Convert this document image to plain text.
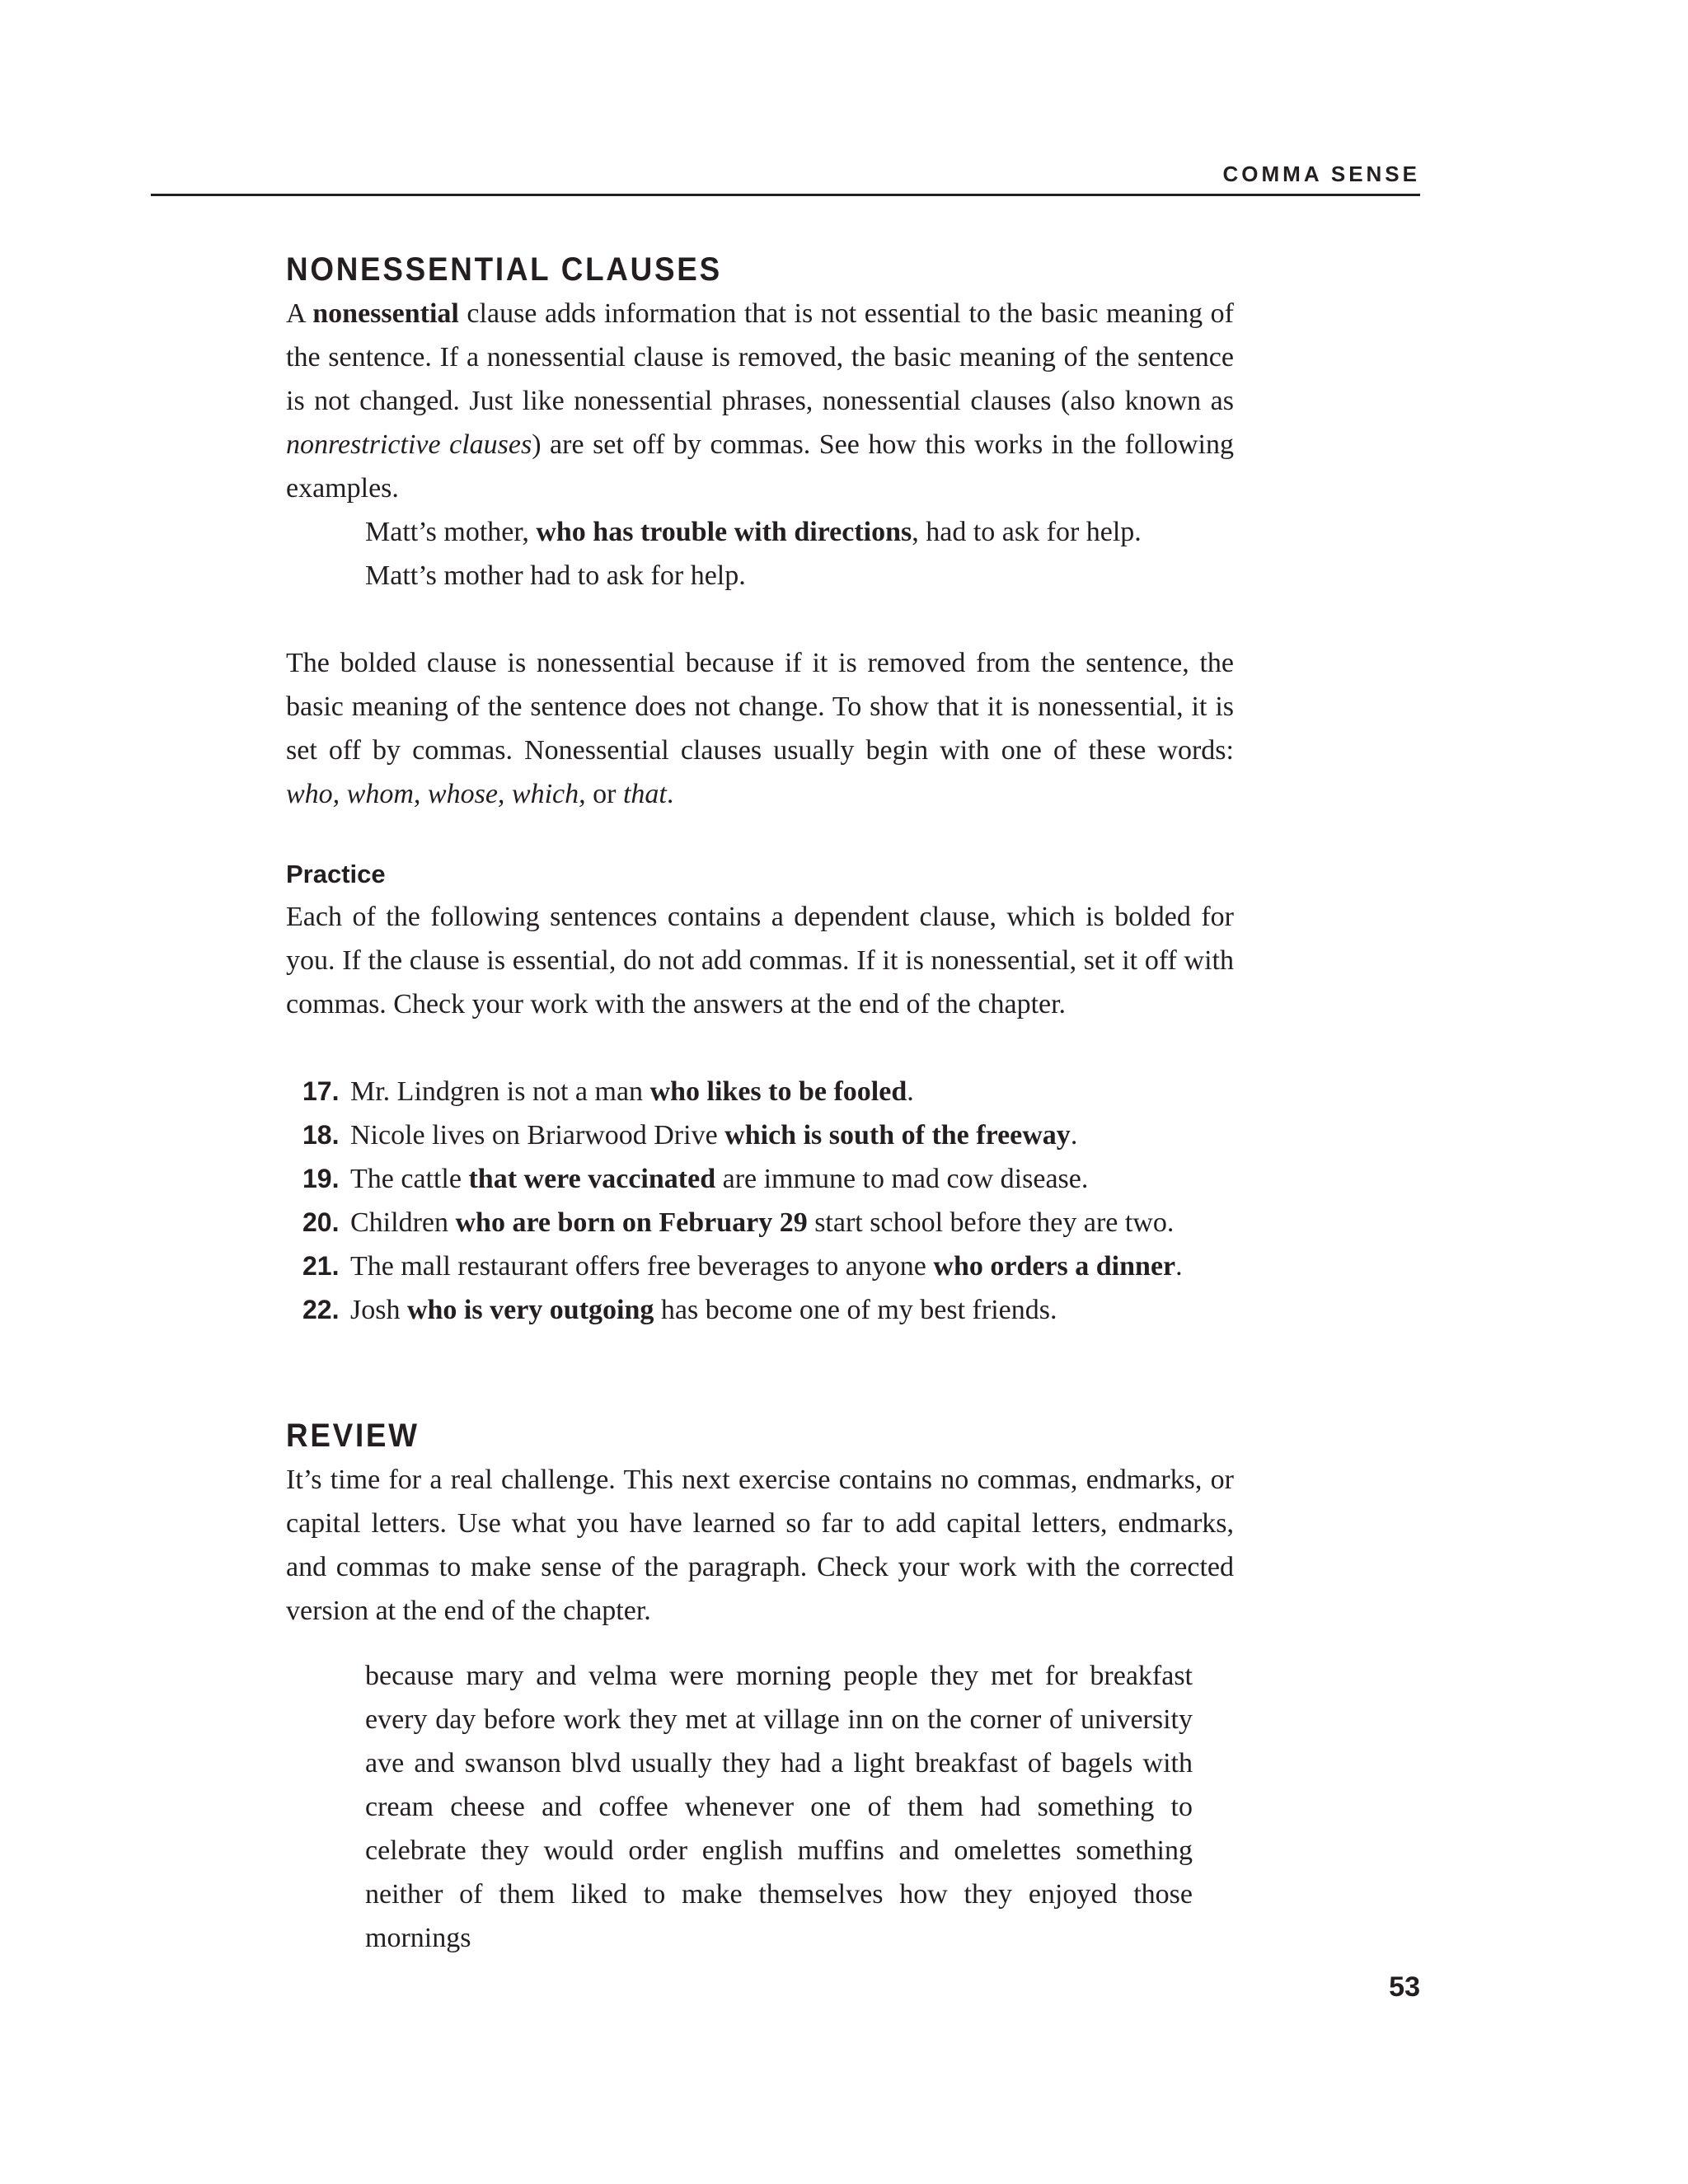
COMMA SENSE
NONESSENTIAL CLAUSES

A nonessential clause adds information that is not essential to the basic meaning of the sentence. If a nonessential clause is removed, the basic meaning of the sentence is not changed. Just like nonessential phrases, nonessential clauses (also known as nonrestrictive clauses) are set off by commas. See how this works in the following examples.

Matt’s mother, who has trouble with directions, had to ask for help.

Matt’s mother had to ask for help.

The bolded clause is nonessential because if it is removed from the sentence, the basic meaning of the sentence does not change. To show that it is nonessential, it is set off by commas. Nonessential clauses usually begin with one of these words: who, whom, whose, which, or that.

Practice

Each of the following sentences contains a dependent clause, which is bolded for you. If the clause is essential, do not add commas. If it is nonessential, set it off with commas. Check your work with the answers at the end of the chapter.

17. Mr. Lindgren is not a man who likes to be fooled.
18. Nicole lives on Briarwood Drive which is south of the freeway.
19. The cattle that were vaccinated are immune to mad cow disease.
20. Children who are born on February 29 start school before they are two.
21. The mall restaurant offers free beverages to anyone who orders a dinner.
22. Josh who is very outgoing has become one of my best friends.
REVIEW

It’s time for a real challenge. This next exercise contains no commas, endmarks, or capital letters. Use what you have learned so far to add capital letters, endmarks, and commas to make sense of the paragraph. Check your work with the corrected version at the end of the chapter.

because mary and velma were morning people they met for breakfast every day before work they met at village inn on the corner of university ave and swanson blvd usually they had a light breakfast of bagels with cream cheese and coffee whenever one of them had something to celebrate they would order english muffins and omelettes something neither of them liked to make themselves how they enjoyed those mornings

53
